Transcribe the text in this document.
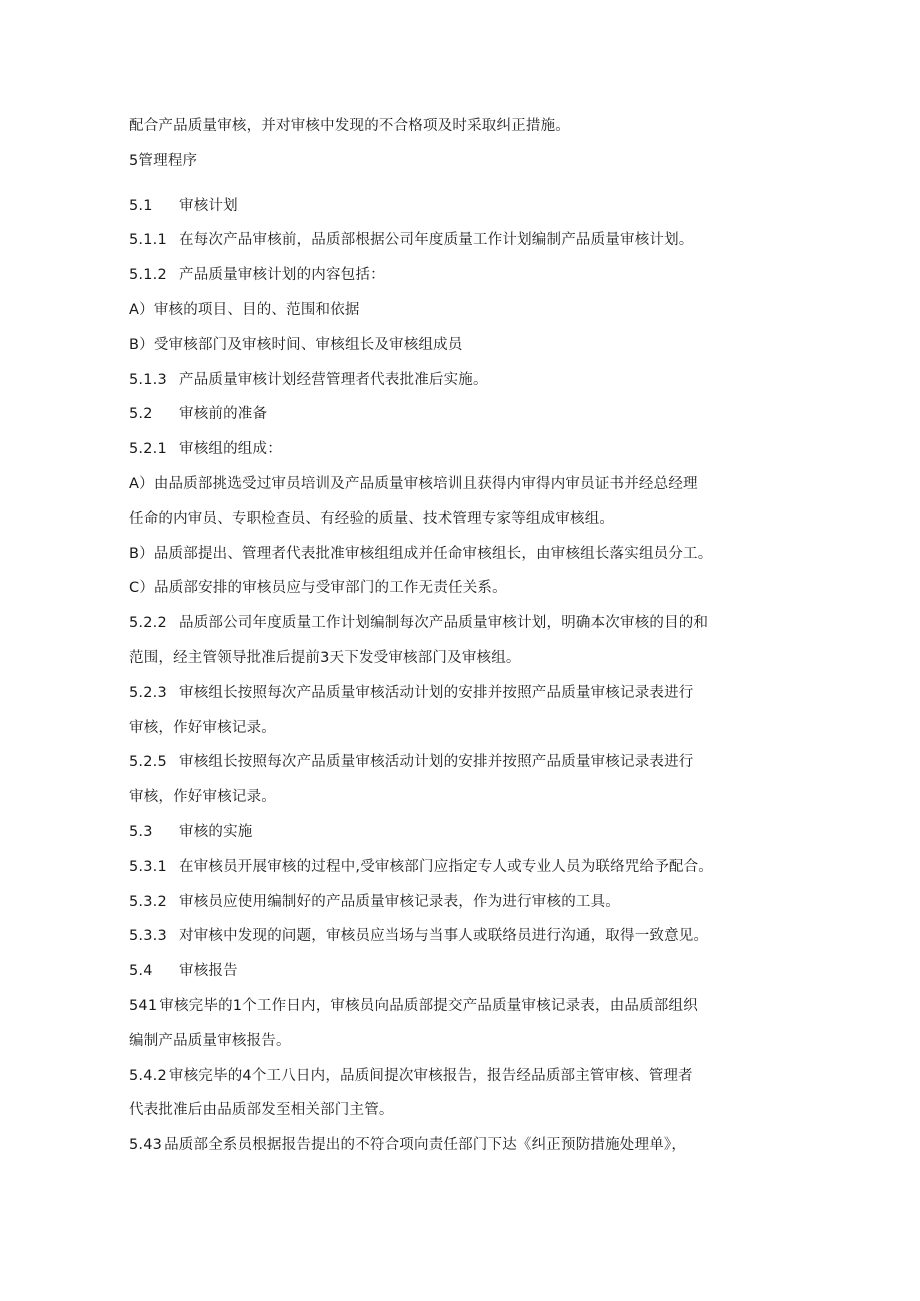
配合产品质量审核，并对审核中发现的不合格项及时采取纠正措施。
5管理程序
5.1 审核计划
5.1.1 在每次产品审核前，品质部根据公司年度质量工作计划编制产品质量审核计划。
5.1.2 产品质量审核计划的内容包括：
A）审核的项目、目的、范围和依据
B）受审核部门及审核时间、审核组长及审核组成员
5.1.3 产品质量审核计划经营管理者代表批准后实施。
5.2 审核前的准备
5.2.1 审核组的组成：
A）由品质部挑选受过审员培训及产品质量审核培训且获得内审得内审员证书并经总经理
任命的内审员、专职检查员、有经验的质量、技术管理专家等组成审核组。
B）品质部提出、管理者代表批准审核组组成并任命审核组长，由审核组长落实组员分工。
C）品质部安排的审核员应与受审部门的工作无责任关系。
5.2.2 品质部公司年度质量工作计划编制每次产品质量审核计划，明确本次审核的目的和
范围，经主管领导批准后提前3天下发受审核部门及审核组。
5.2.3 审核组长按照每次产品质量审核活动计划的安排并按照产品质量审核记录表进行
审核，作好审核记录。
5.2.5 审核组长按照每次产品质量审核活动计划的安排并按照产品质量审核记录表进行
审核，作好审核记录。
5.3 审核的实施
5.3.1 在审核员开展审核的过程中,受审核部门应指定专人或专业人员为联络咒给予配合。
5.3.2 审核员应使用编制好的产品质量审核记录表，作为进行审核的工具。
5.3.3 对审核中发现的问题，审核员应当场与当事人或联络员进行沟通，取得一致意见。
5.4 审核报告
541 审核完毕的1个工作日内，审核员向品质部提交产品质量审核记录表，由品质部组织
编制产品质量审核报告。
5.4.2 审核完毕的4个工八日内，品质间提次审核报告，报告经品质部主管审核、管理者
代表批准后由品质部发至相关部门主管。
5.43 品质部全系员根据报告提出的不符合项向责任部门下达《纠正预防措施处理单》，
